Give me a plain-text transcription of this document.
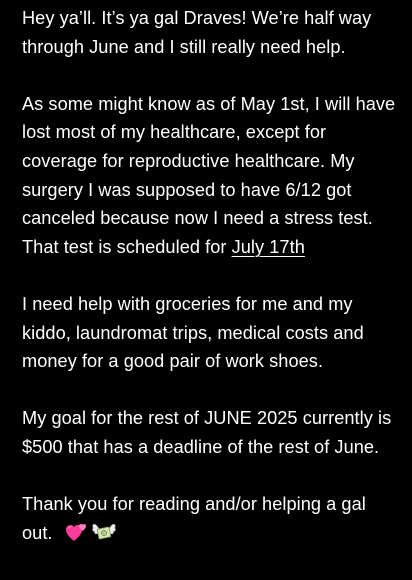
Hey ya’ll. It’s ya gal Draves! We’re half way
through June and I still really need help.
As some might know as of May 1st, I will have
lost most of my healthcare, except for
coverage for reproductive healthcare. My
surgery I was supposed to have 6/12 got
canceled because now I need a stress test.
That test is scheduled for July 17th
I need help with groceries for me and my
kiddo, laundromat trips, medical costs and
money for a good pair of work shoes.
My goal for the rest of JUNE 2025 currently is
$500 that has a deadline of the rest of June.
Thank you for reading and/or helping a gal
out.
